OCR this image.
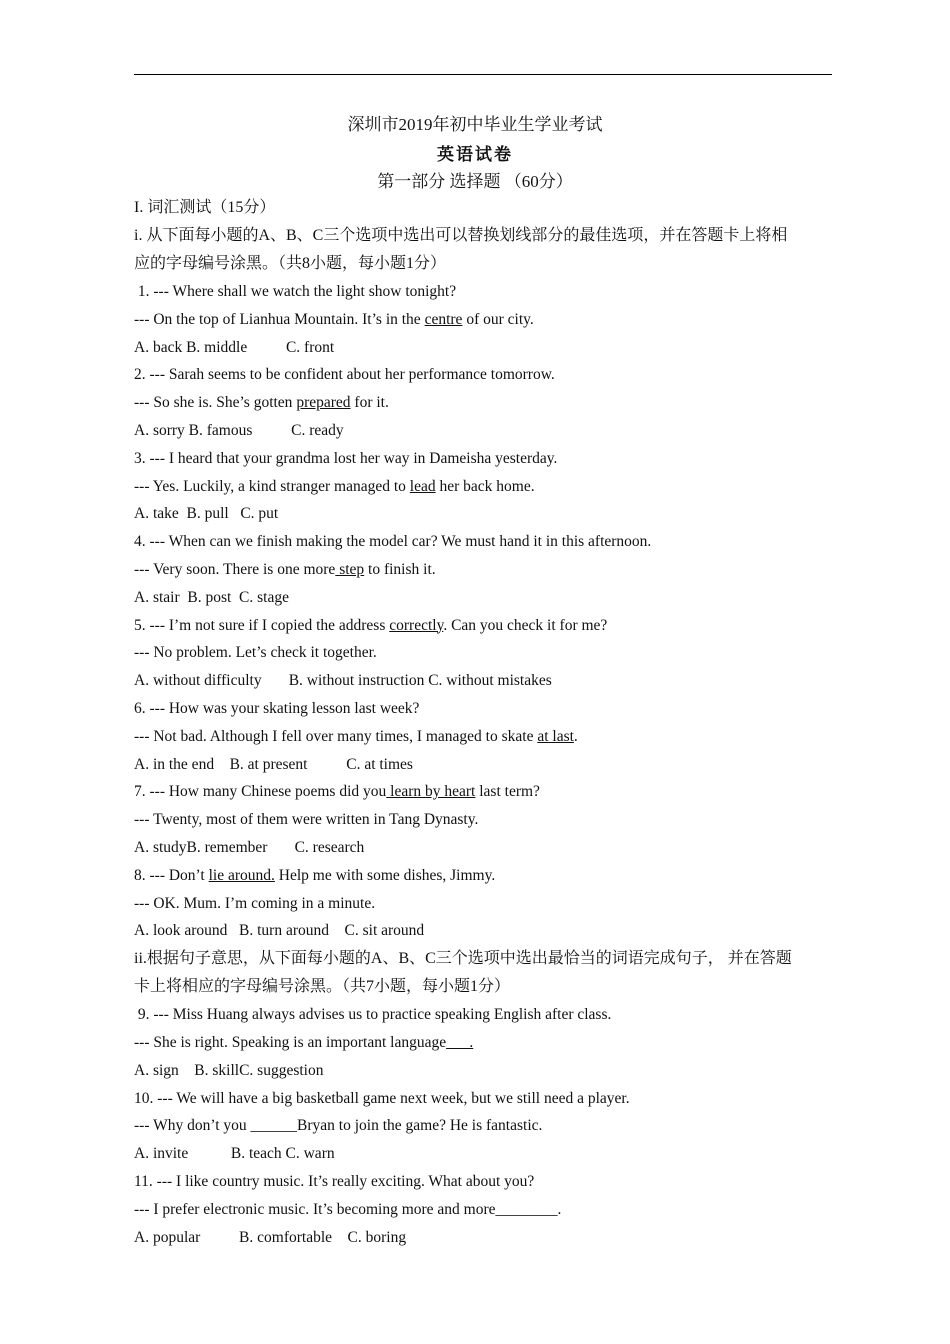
深圳市2019年初中毕业生学业考试
英语试卷
第一部分 选择题 （60分）
I. 词汇测试（15分）
i. 从下面每小题的A、B、C三个选项中选出可以替换划线部分的最佳选项，并在答题卡上将相
应的字母编号涂黑。（共8小题，每小题1分）
1. --- Where shall we watch the light show tonight?
--- On the top of Lianhua Mountain. It’s in the centre of our city.
A. back B. middle          C. front
2. --- Sarah seems to be confident about her performance tomorrow.
--- So she is. She’s gotten prepared for it.
A. sorry B. famous          C. ready
3. --- I heard that your grandma lost her way in Dameisha yesterday.
--- Yes. Luckily, a kind stranger managed to lead her back home.
A. take  B. pull   C. put
4. --- When can we finish making the model car? We must hand it in this afternoon.
--- Very soon. There is one more step to finish it.
A. stair  B. post  C. stage
5. --- I’m not sure if I copied the address correctly. Can you check it for me?
--- No problem. Let’s check it together.
A. without difficulty       B. without instruction C. without mistakes
6. --- How was your skating lesson last week?
--- Not bad. Although I fell over many times, I managed to skate at last.
A. in the end    B. at present          C. at times
7. --- How many Chinese poems did you learn by heart last term?
--- Twenty, most of them were written in Tang Dynasty.
A. studyB. remember       C. research
8. --- Don’t lie around. Help me with some dishes, Jimmy.
--- OK. Mum. I’m coming in a minute.
A. look around   B. turn around    C. sit around
ii.根据句子意思，从下面每小题的A、B、C三个选项中选出最恰当的词语完成句子， 并在答题
卡上将相应的字母编号涂黑。（共7小题，每小题1分）
9. --- Miss Huang always advises us to practice speaking English after class.
--- She is right. Speaking is an important language  __.
A. sign    B. skillC. suggestion
10. --- We will have a big basketball game next week, but we still need a player.
--- Why don’t you ______Bryan to join the game? He is fantastic.
A. invite           B. teach C. warn
11. --- I like country music. It’s really exciting. What about you?
--- I prefer electronic music. It’s becoming more and more________.
A. popular          B. comfortable    C. boring
